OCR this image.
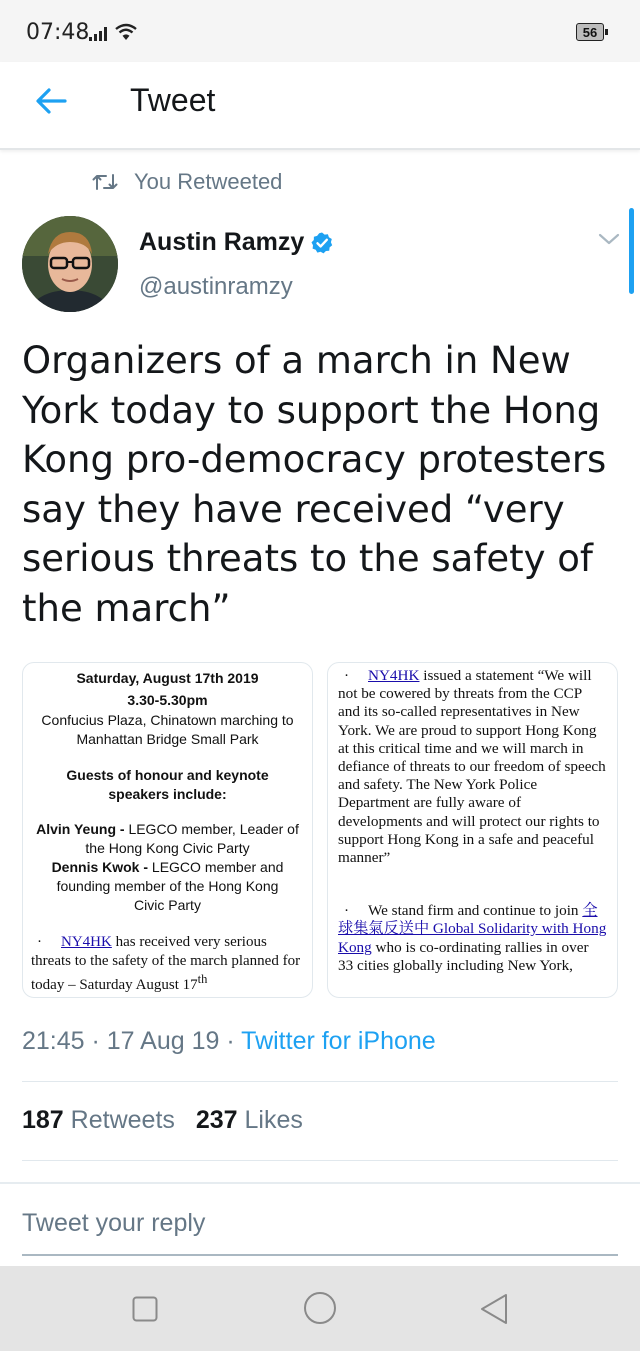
07:48	56
Tweet
You Retweeted
Austin Ramzy
@austinramzy
Organizers of a march in New York today to support the Hong Kong pro-democracy protesters say they have received “very serious threats to the safety of the march”
Saturday, August 17th 2019
3.30-5.30pm
Confucius Plaza, Chinatown marching to Manhattan Bridge Small Park
Guests of honour and keynote speakers include:
Alvin Yeung - LEGCO member, Leader of the Hong Kong Civic Party
Dennis Kwok - LEGCO member and founding member of the Hong Kong Civic Party
· NY4HK has received very serious threats to the safety of the march planned for today – Saturday August 17th
· NY4HK issued a statement “We will not be cowered by threats from the CCP and its so-called representatives in New York. We are proud to support Hong Kong at this critical time and we will march in defiance of threats to our freedom of speech and safety. The New York Police Department are fully aware of developments and will protect our rights to support Hong Kong in a safe and peaceful manner”
· We stand firm and continue to join 全球集氣反送中 Global Solidarity with Hong Kong who is co-ordinating rallies in over 33 cities globally including New York,
21:45 · 17 Aug 19 · Twitter for iPhone
187 Retweets 237 Likes
Tweet your reply
